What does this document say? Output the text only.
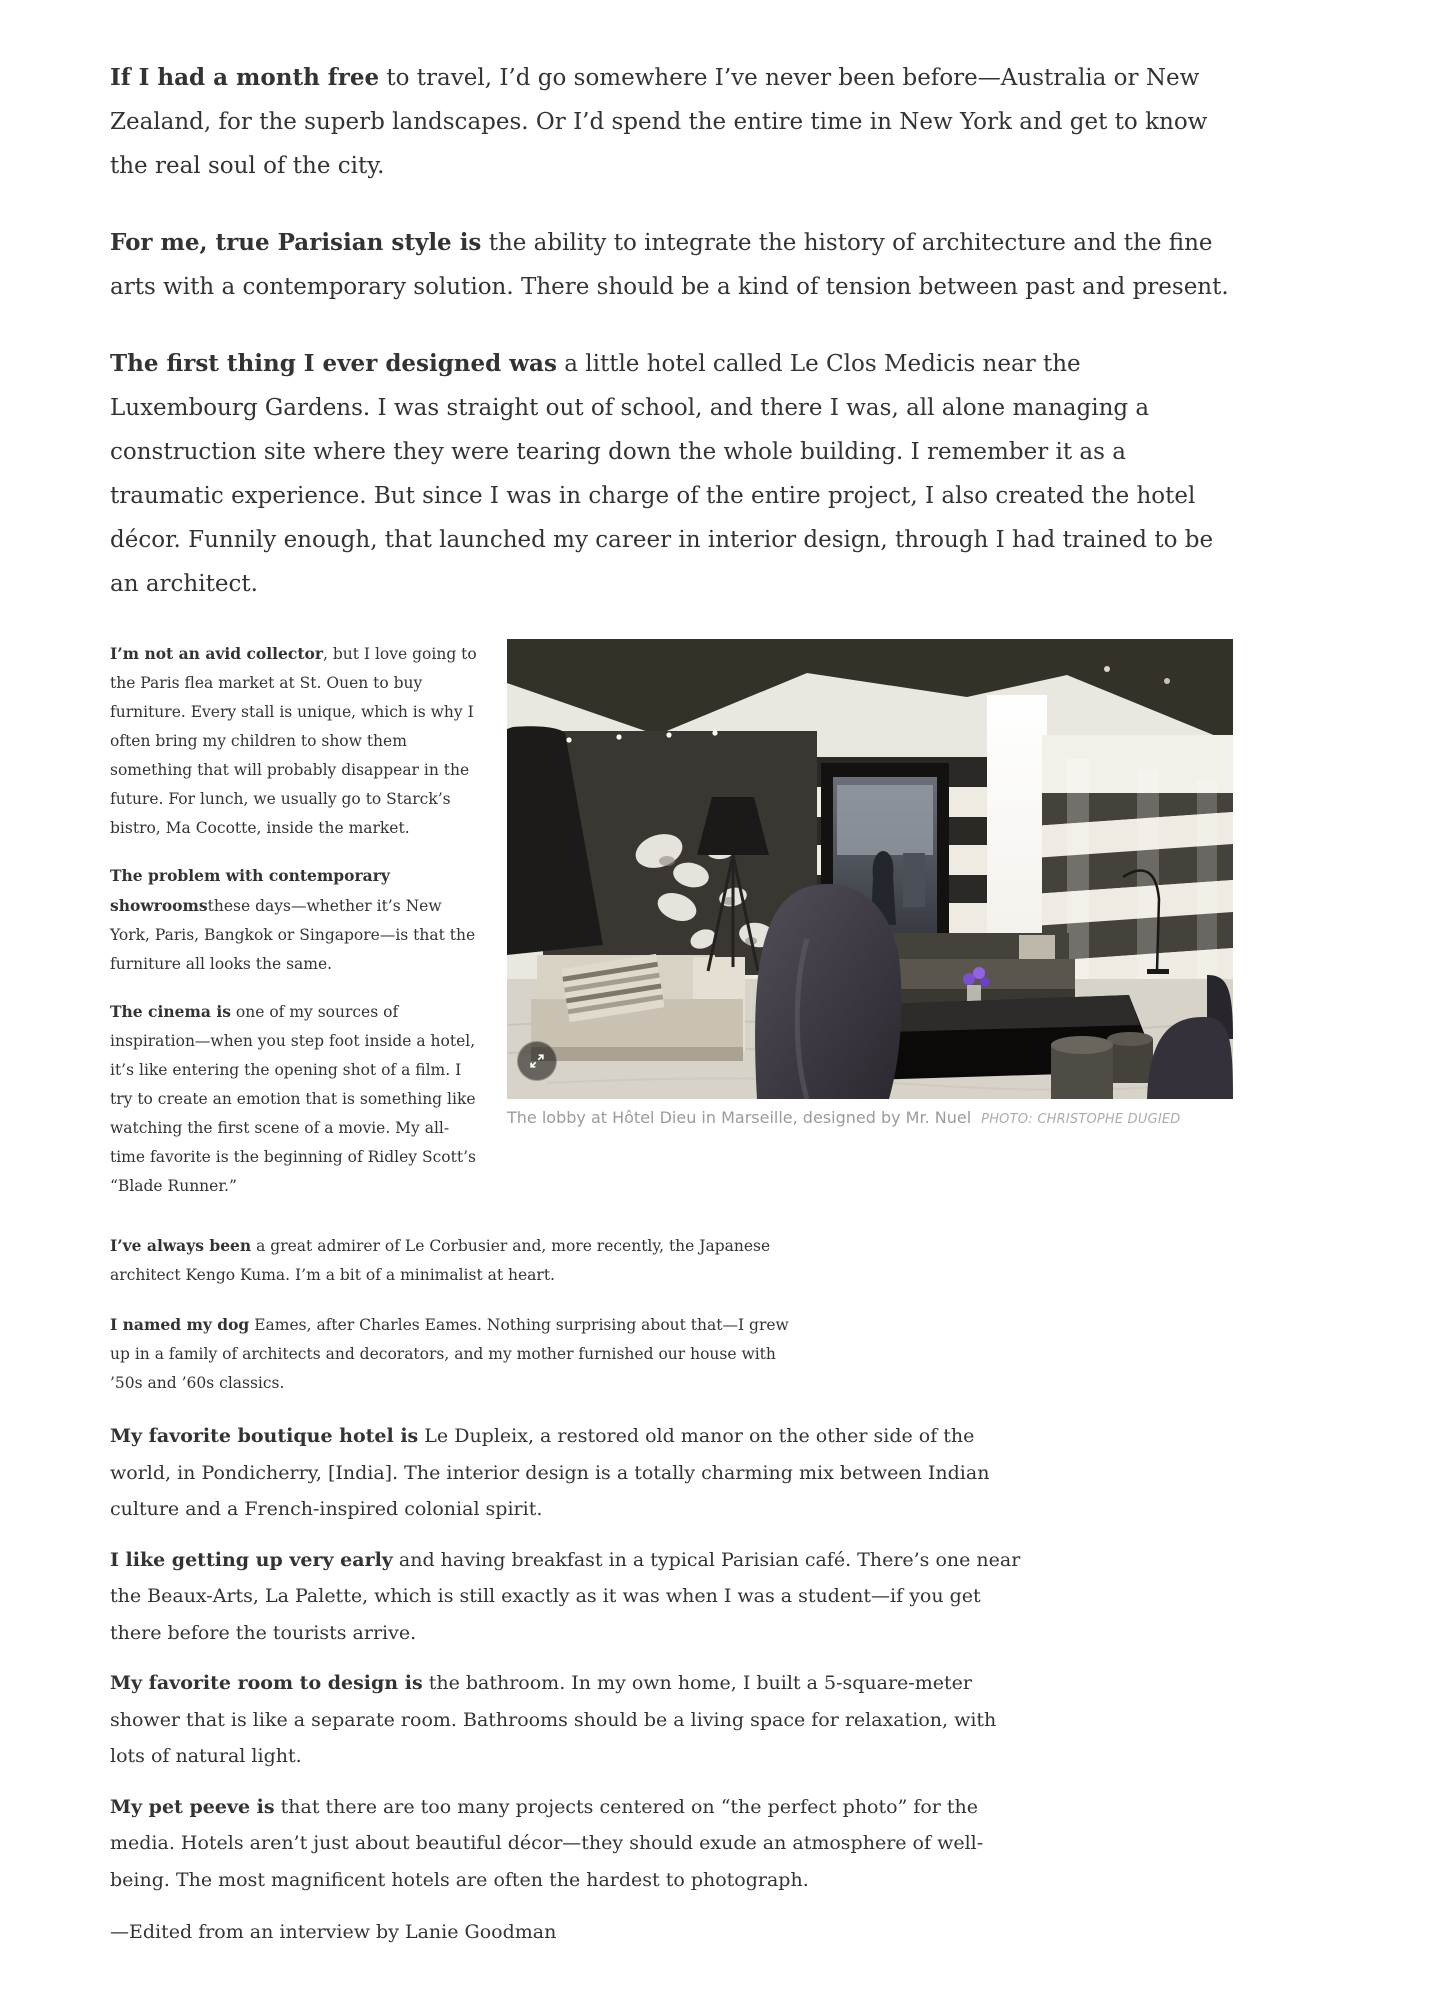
If I had a month free to travel, I’d go somewhere I’ve never been before—Australia or New Zealand, for the superb landscapes. Or I’d spend the entire time in New York and get to know the real soul of the city.

For me, true Parisian style is the ability to integrate the history of architecture and the fine arts with a contemporary solution. There should be a kind of tension between past and present.

The first thing I ever designed was a little hotel called Le Clos Medicis near the Luxembourg Gardens. I was straight out of school, and there I was, all alone managing a construction site where they were tearing down the whole building. I remember it as a traumatic experience. But since I was in charge of the entire project, I also created the hotel décor. Funnily enough, that launched my career in interior design, through I had trained to be an architect.

I’m not an avid collector, but I love going to the Paris flea market at St. Ouen to buy furniture. Every stall is unique, which is why I often bring my children to show them something that will probably disappear in the future. For lunch, we usually go to Starck’s bistro, Ma Cocotte, inside the market.

The problem with contemporary showroomsthese days—whether it’s New York, Paris, Bangkok or Singapore—is that the furniture all looks the same.

The cinema is one of my sources of inspiration—when you step foot inside a hotel, it’s like entering the opening shot of a film. I try to create an emotion that is something like watching the first scene of a movie. My all-time favorite is the beginning of Ridley Scott’s “Blade Runner.”

The lobby at Hôtel Dieu in Marseille, designed by Mr. Nuel PHOTO: CHRISTOPHE DUGIED

I’ve always been a great admirer of Le Corbusier and, more recently, the Japanese architect Kengo Kuma. I’m a bit of a minimalist at heart.

I named my dog Eames, after Charles Eames. Nothing surprising about that—I grew up in a family of architects and decorators, and my mother furnished our house with ’50s and ’60s classics.

My favorite boutique hotel is Le Dupleix, a restored old manor on the other side of the world, in Pondicherry, [India]. The interior design is a totally charming mix between Indian culture and a French-inspired colonial spirit.

I like getting up very early and having breakfast in a typical Parisian café. There’s one near the Beaux-Arts, La Palette, which is still exactly as it was when I was a student—if you get there before the tourists arrive.

My favorite room to design is the bathroom. In my own home, I built a 5-square-meter shower that is like a separate room. Bathrooms should be a living space for relaxation, with lots of natural light.

My pet peeve is that there are too many projects centered on “the perfect photo” for the media. Hotels aren’t just about beautiful décor—they should exude an atmosphere of well-being. The most magnificent hotels are often the hardest to photograph.

—Edited from an interview by Lanie Goodman
